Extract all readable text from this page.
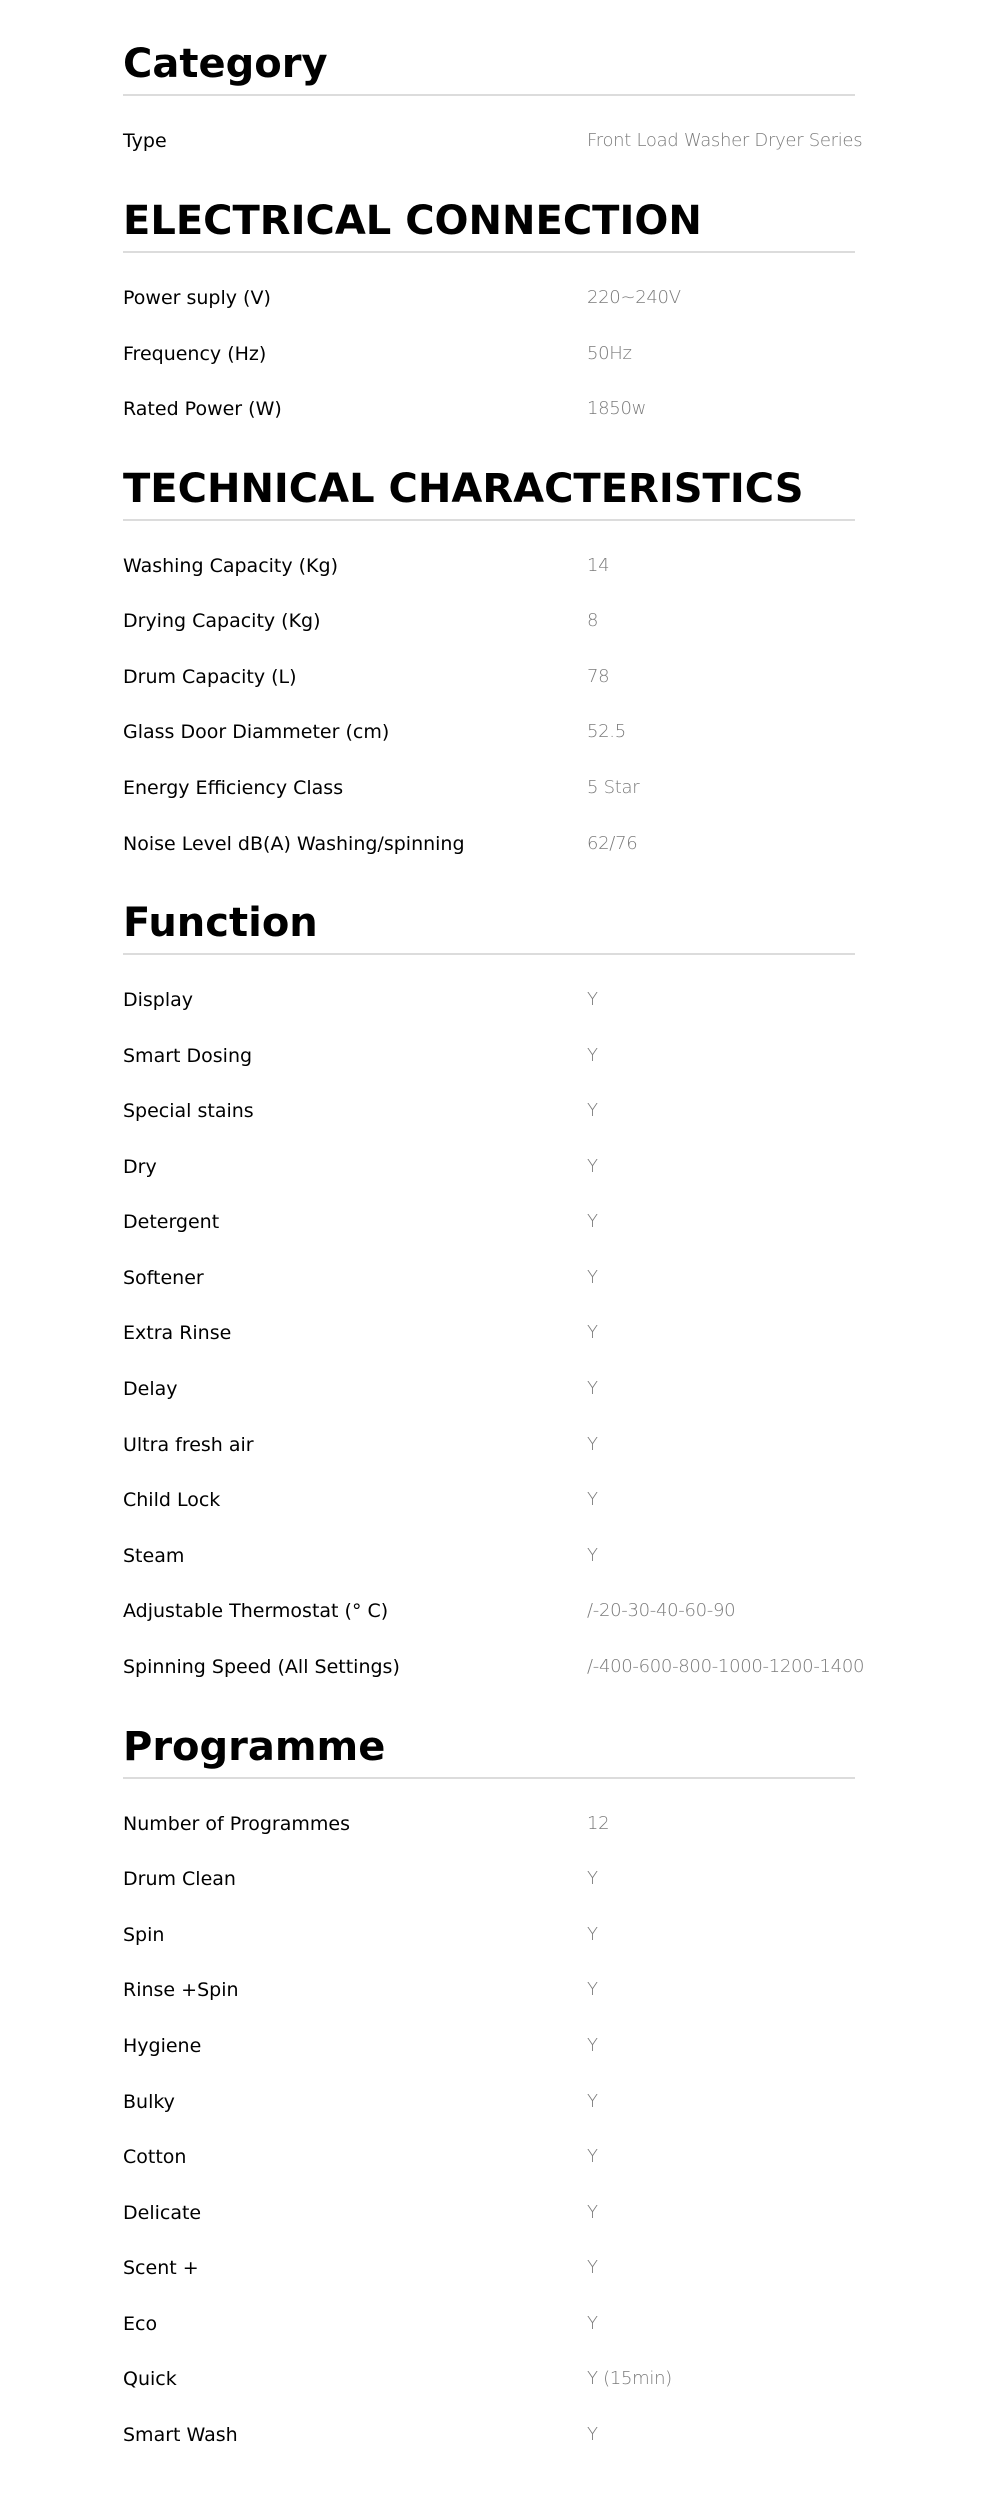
Category
Type	Front Load Washer Dryer Series
ELECTRICAL CONNECTION
Power suply (V)	220~240V
Frequency (Hz)	50Hz
Rated Power (W)	1850w
TECHNICAL CHARACTERISTICS
Washing Capacity (Kg)	14
Drying Capacity (Kg)	8
Drum Capacity (L)	78
Glass Door Diammeter (cm)	52.5
Energy Efficiency Class	5 Star
Noise Level dB(A) Washing/spinning	62/76
Function
Display	Y
Smart Dosing	Y
Special stains	Y
Dry	Y
Detergent	Y
Softener	Y
Extra Rinse	Y
Delay	Y
Ultra fresh air	Y
Child Lock	Y
Steam	Y
Adjustable Thermostat (° C)	/-20-30-40-60-90
Spinning Speed (All Settings)	/-400-600-800-1000-1200-1400
Programme
Number of Programmes	12
Drum Clean	Y
Spin	Y
Rinse +Spin	Y
Hygiene	Y
Bulky	Y
Cotton	Y
Delicate	Y
Scent +	Y
Eco	Y
Quick	Y (15min)
Smart Wash	Y
